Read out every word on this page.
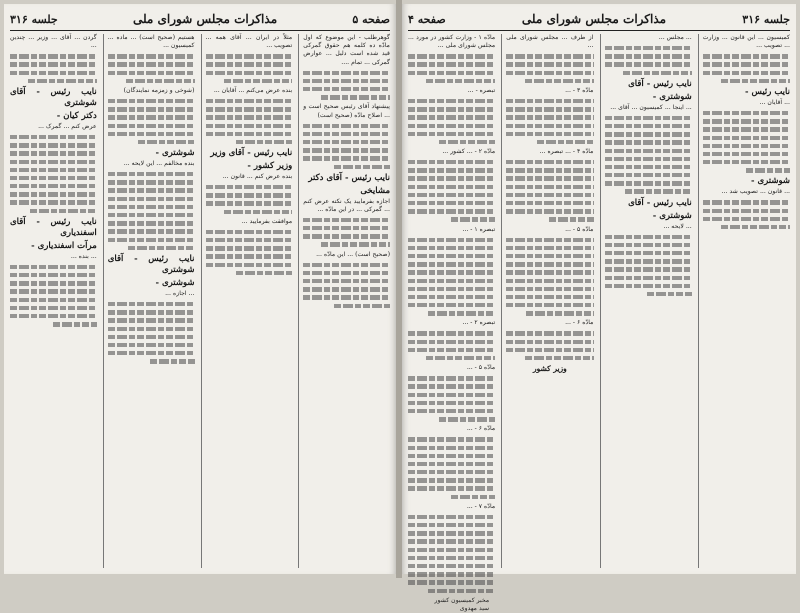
صفحه ۵
مذاکرات مجلس شورای ملی
جلسه ۳۱۶

گوهرطلب - این موضوع که اول مادّه ده کلمه هم حقوق گمرکی قید شده است دلیل ... عوارض گمرکی ... تمام ....

پیشنهاد آقای رئیس صحیح است و ... اصلاح مادّه (صحیح است)

نایب رئیس - آقای دکتر
مشایخی

اجازه بفرمایید یک نکته عرض کنم ... گمرکی ... در این مادّه ...

(صحیح است) ... این مادّه ...

مثلاً در ایران ... آقای همه ... تصویب ...

بنده عرض می‌کنم ... آقایان ...

نایب رئیس - آقای وزیر
وزیر کشور -

بنده عرض کنم ... قانون ...

موافقت بفرمایید ...

هستیم (صحیح است) ... ماده ... کمیسیون ...

(شوخی و زمزمه نمایندگان)

شوشتری -

بنده مخالفم ... این لایحه ...

نایب رئیس - آقای شوشتری
شوشتری -

... اجازه ...

گردن ... آقای ... وزیر ... چندین ...

نایب رئیس - آقای شوشتری
دکتر کیان -

عرض کنم ... گمرک ...

نایب رئیس - آقای اسفندیاری
مرآت اسفندیاری -

... بنده ...

جلسه ۳۱۶
مذاکرات مجلس شورای ملی
صفحه ۴

کمیسیون ... این قانون ... وزارت ... تصویب ...

نایب رئیس -

... آقایان ...

شوشتری -

... قانون ... تصویب شد ...

... مجلس ...

نایب رئیس - آقای
شوشتری -

... اینجا ... کمیسیون ... آقای ...

نایب رئیس - آقای
شوشتری -

... لایحه ...

از طرف ... مجلس شورای ملی ...

مادّه ۳ - ...

مادّه ۴ - ... تبصره ...

مادّه ۵ - ...

مادّه ۶ - ...

وزیر کشور

مادّه ۱ - وزارت کشور در مورد ... مجلس شورای ملی ...

تبصره - ...

مادّه ۲ - ... کشور ...

تبصره ۱ - ...

تبصره ۲ - ...

مادّه ۵ - ...

مادّه ۶ - ...

مادّه ۷ - ...

مخبر کمیسیون کشور
سید مهدوی
